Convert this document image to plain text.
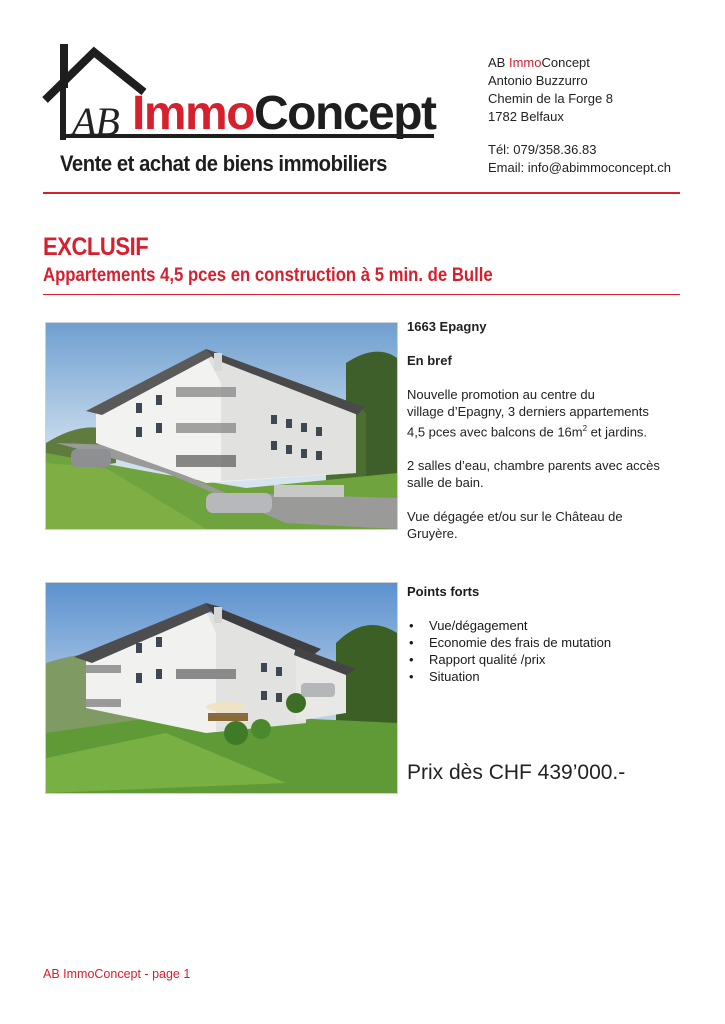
AB ImmoConcept
Vente et achat de biens immobiliers
AB ImmoConcept
Antonio Buzzurro
Chemin de la Forge 8
1782 Belfaux
Tél: 079/358.36.83
Email: info@abimmoconcept.ch
EXCLUSIF
Appartements 4,5 pces en construction à 5 min. de Bulle

1663 Epagny

En bref

Nouvelle promotion au centre du
village d’Epagny, 3 derniers appartements
4,5 pces avec balcons de $16m^2$ et jardins.

2 salles d’eau, chambre parents avec accès
salle de bain.

Vue dégagée et/ou sur le Château de
Gruyère.

Points forts

• Vue/dégagement
• Economie des frais de mutation
• Rapport qualité /prix
• Situation
Prix dès CHF 439’000.-
AB ImmoConcept - page 1
